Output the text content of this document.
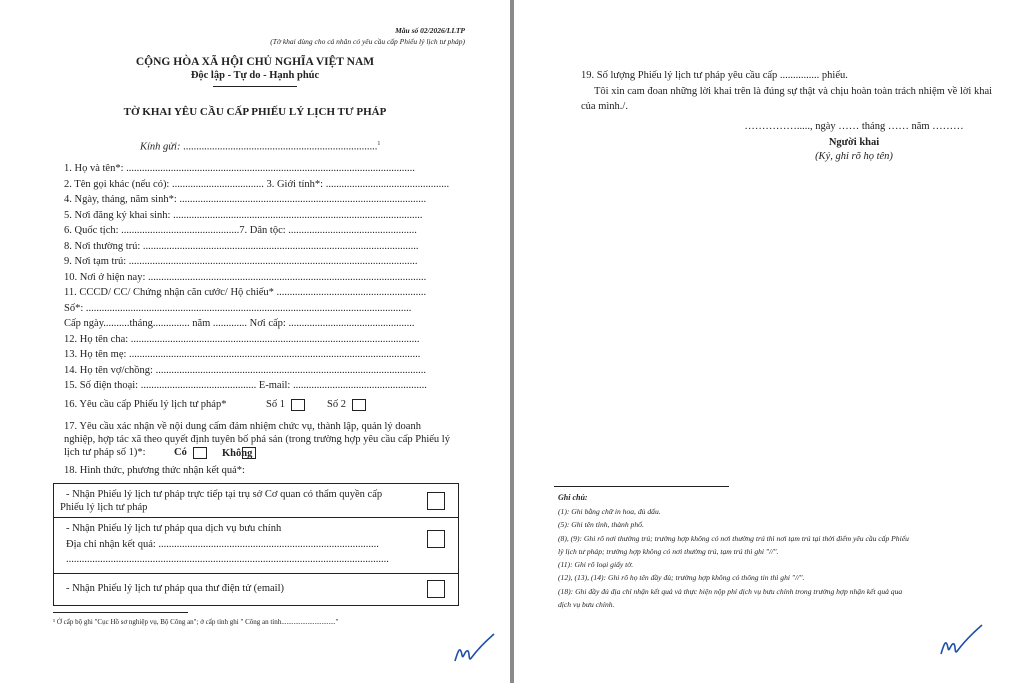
Mẫu số 02/2026/LLTP
(Tờ khai dùng cho cá nhân có yêu cầu cấp Phiếu lý lịch tư pháp)
CỘNG HÒA XÃ HỘI CHỦ NGHĨA VIỆT NAM
Độc lập - Tự do - Hạnh phúc
TỜ KHAI YÊU CẦU CẤP PHIẾU LÝ LỊCH TƯ PHÁP
Kính gửi: ..........................................................................$^1$
1. Họ và tên*: ..............................................................................................................
2. Tên gọi khác (nếu có): ................................... 3. Giới tính*: ...............................................
4. Ngày, tháng, năm sinh*: ..............................................................................................
5. Nơi đăng ký khai sinh: ...............................................................................................
6. Quốc tịch: .............................................7. Dân tộc: .................................................
8. Nơi thường trú: .........................................................................................................
9. Nơi tạm trú: ..............................................................................................................
10. Nơi ở hiện nay: ..........................................................................................................
11. CCCD/ CC/ Chứng nhận căn cước/ Hộ chiếu* .........................................................
Số*: ............................................................................................................................
Cấp ngày..........tháng.............. năm ............. Nơi cấp: ................................................
12. Họ tên cha: ..............................................................................................................
13. Họ tên mẹ: ...............................................................................................................
14. Họ tên vợ/chồng: .......................................................................................................
15. Số điện thoại: ............................................ E-mail: ...................................................
16. Yêu cầu cấp Phiếu lý lịch tư pháp*	Số 1	Số 2
17. Yêu cầu xác nhận về nội dung cấm đảm nhiệm chức vụ, thành lập, quản lý doanh
nghiệp, hợp tác xã theo quyết định tuyên bố phá sản (trong trường hợp yêu cầu cấp Phiếu lý
lịch tư pháp số 1)*:	Có	Không
18. Hình thức, phương thức nhận kết quả*:
- Nhận Phiếu lý lịch tư pháp trực tiếp tại trụ sở Cơ quan có thẩm quyền cấp
Phiếu lý lịch tư pháp
- Nhận Phiếu lý lịch tư pháp qua dịch vụ bưu chính
Địa chỉ nhận kết quả: ....................................................................................
...........................................................................................................................
- Nhận Phiếu lý lịch tư pháp qua thư điện tử (email)
¹ Ở cấp bộ ghi "Cục Hồ sơ nghiệp vụ, Bộ Công an"; ở cấp tỉnh ghi " Công an tỉnh..............................."
19. Số lượng Phiếu lý lịch tư pháp yêu cầu cấp ............... phiếu.
Tôi xin cam đoan những lời khai trên là đúng sự thật và chịu hoàn toàn trách nhiệm về lời khai
của mình./.
……………....., ngày …… tháng …… năm ………
Người khai
(Ký, ghi rõ họ tên)
Ghi chú:
(1): Ghi bằng chữ in hoa, đủ dấu.
(5): Ghi tên tỉnh, thành phố.
(8), (9): Ghi rõ nơi thường trú; trường hợp không có nơi thường trú thì nơi tạm trú tại thời điểm yêu cầu cấp Phiếu
lý lịch tư pháp; trường hợp không có nơi thường trú, tạm trú thì ghi "//".
(11): Ghi rõ loại giấy tờ.
(12), (13), (14): Ghi rõ họ tên đầy đủ; trường hợp không có thông tin thì ghi "//".
(18): Ghi đầy đủ địa chỉ nhận kết quả và thực hiện nộp phí dịch vụ bưu chính trong trường hợp nhận kết quả qua
dịch vụ bưu chính.
